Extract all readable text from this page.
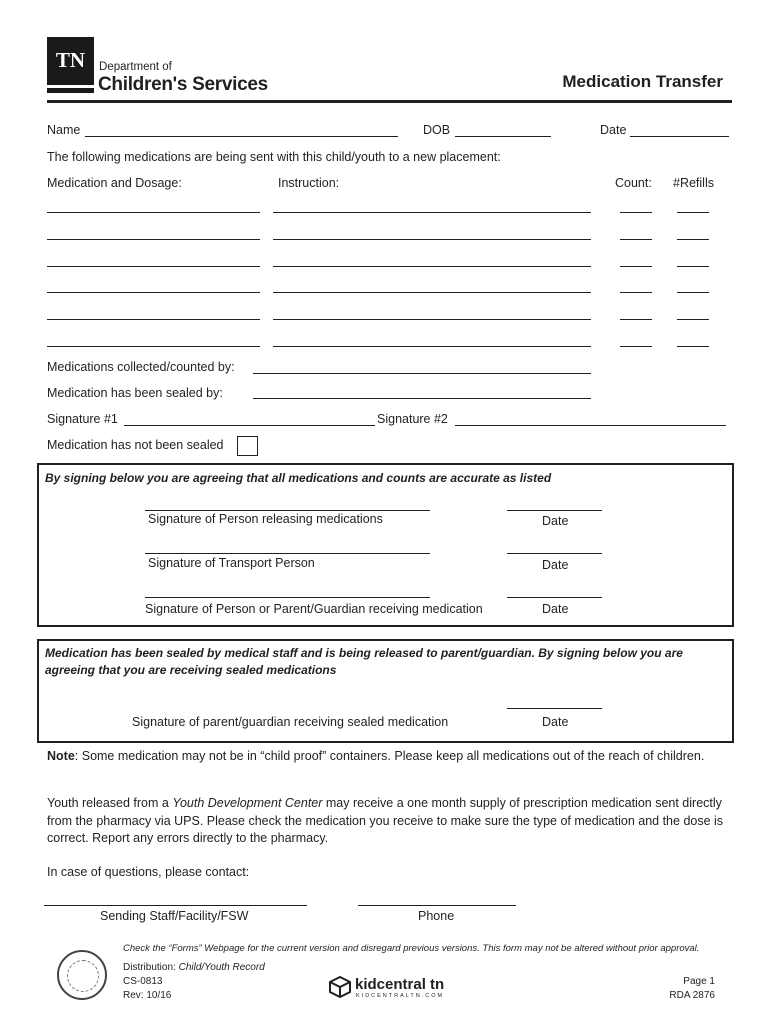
TN	Department of
Children's Services	Medication Transfer
Name	DOB	Date
The following medications are being sent with this child/youth to a new placement:
Medication and Dosage:	Instruction:	Count: #Refills
Medications collected/counted by:
Medication has been sealed by:
Signature #1	Signature #2
Medication has not been sealed
By signing below you are agreeing that all medications and counts are accurate as listed
Signature of Person releasing medications	Date
Signature of Transport Person	Date
Signature of Person or Parent/Guardian receiving medication	Date
Medication has been sealed by medical staff and is being released to parent/guardian. By signing below you are agreeing that you are receiving sealed medications
Signature of parent/guardian receiving sealed medication	Date
Note: Some medication may not be in “child proof” containers. Please keep all medications out of the reach of children.
Youth released from a Youth Development Center may receive a one month supply of prescription medication sent directly from the pharmacy via UPS. Please check the medication you receive to make sure the type of medication and the dose is correct. Report any errors directly to the pharmacy.
In case of questions, please contact:
Sending Staff/Facility/FSW	Phone
Check the “Forms” Webpage for the current version and disregard previous versions. This form may not be altered without prior approval.
Distribution: Child/Youth Record
CS-0813
Rev: 10/16
kidcentral tn
KIDCENTRALTN.COM
Page 1
RDA 2876
